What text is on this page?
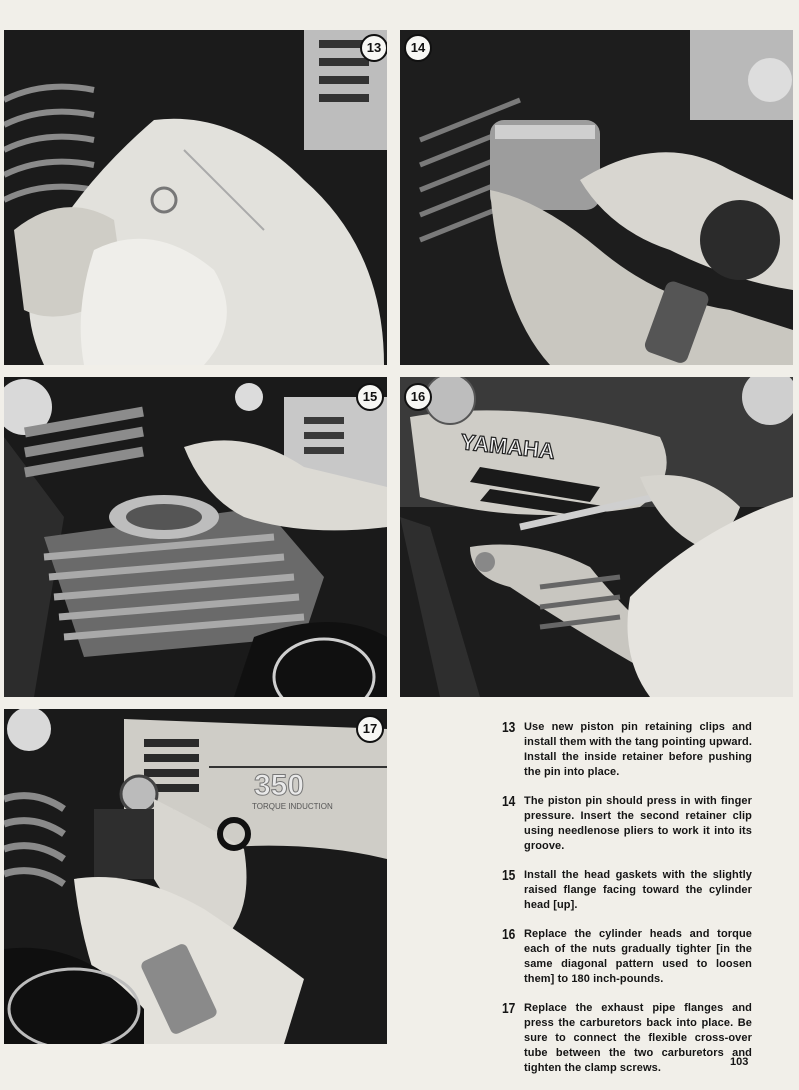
13	14
15
YAMAHA
16
350
TORQUE INDUCTION
17	13 Use new piston pin retaining clips and install them with the tang pointing upward. Install the inside retainer before pushing the pin into place.
14 The piston pin should press in with finger pressure. Insert the second retainer clip using needlenose pliers to work it into its groove.
15 Install the head gaskets with the slightly raised flange facing toward the cylinder head [up].
16 Replace the cylinder heads and torque each of the nuts gradually tighter [in the same diagonal pattern used to loosen them] to 180 inch-pounds.
17 Replace the exhaust pipe flanges and press the carburetors back into place. Be sure to connect the flexible cross-over tube between the two carburetors and tighten the clamp screws.	103
